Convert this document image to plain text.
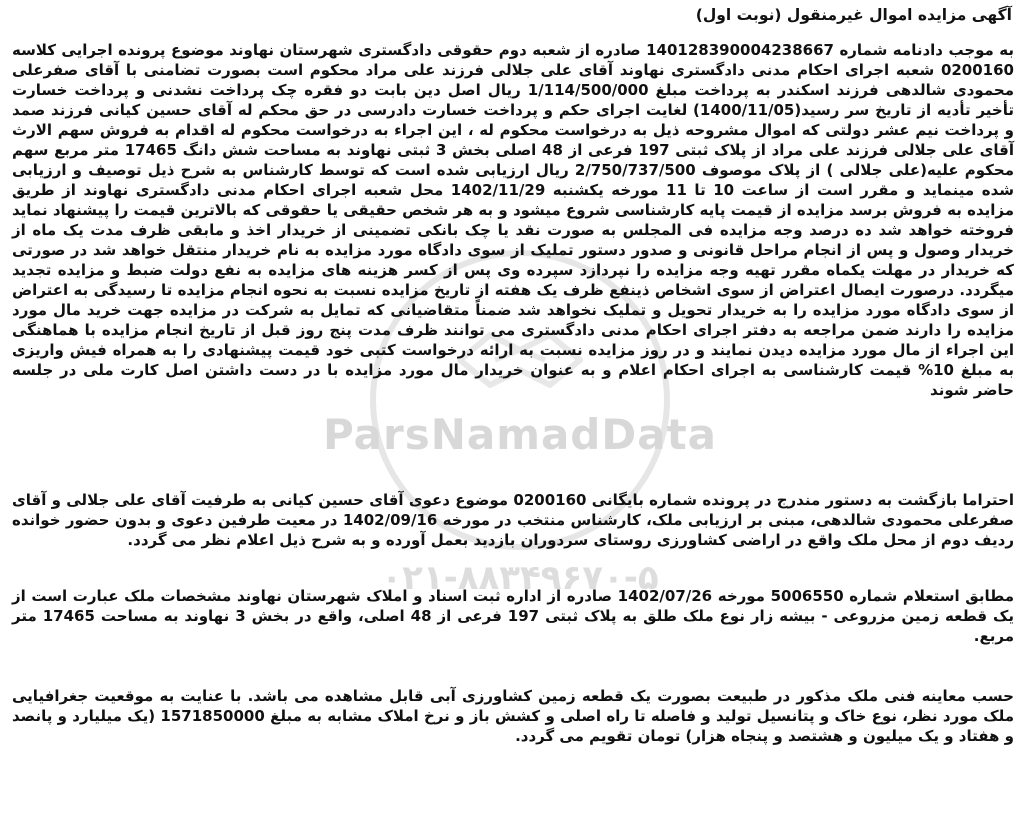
ParsNamadData
۰۲۱-۸۸۳۴۹۶۷۰-۵
آگهی مزایده اموال غیرمنقول (نوبت اول)

به موجب دادنامه شماره 140128390004238667 صادره از شعبه دوم حقوقی دادگستری شهرستان نهاوند موضوع پرونده اجرایی کلاسه 0200160 شعبه اجرای احکام مدنی دادگستری نهاوند آقای علی جلالی فرزند علی مراد محکوم است بصورت تضامنی با آقای صفرعلی محمودی شالدهی فرزند اسکندر به پرداخت مبلغ 1/114/500/000 ریال اصل دین بابت دو فقره چک پرداخت نشدنی و پرداخت خسارت تأخیر تأدیه از تاریخ سر رسید(1400/11/05) لغایت اجرای حکم و پرداخت خسارت دادرسی در حق محکم له آقای حسین کیانی فرزند صمد و پرداخت نیم عشر دولتی که اموال مشروحه ذیل به درخواست محکوم له ، این اجراء به درخواست محکوم له اقدام به فروش سهم الارث آقای علی جلالی فرزند علی مراد از پلاک ثبتی 197 فرعی از 48 اصلی بخش 3 ثبتی نهاوند به مساحت شش دانگ 17465 متر مربع سهم محکوم علیه(علی جلالی ) از پلاک موصوف 2/750/737/500 ریال ارزیابی شده است که توسط کارشناس به شرح ذیل توصیف و ارزیابی شده مینماید و مقرر است از ساعت 10 تا 11 مورخه یکشنبه 1402/11/29 محل شعبه اجرای احکام مدنی دادگستری نهاوند از طریق مزایده به فروش برسد مزایده از قیمت پایه کارشناسی شروع میشود و به هر شخص حقیقی یا حقوقی که بالاترین قیمت را پیشنهاد نماید فروخته خواهد شد ده درصد وجه مزایده فی المجلس به صورت نقد یا چک بانکی تضمینی از خریدار اخذ و مابقی ظرف مدت یک ماه از خریدار وصول و پس از انجام مراحل قانونی و صدور دستور تملیک از سوی دادگاه مورد مزایده به نام خریدار منتقل خواهد شد در صورتی که خریدار در مهلت یکماه مقرر تهیه وجه مزایده را نپردازد سپرده وی پس از کسر هزینه های مزایده به نفع دولت ضبط و مزایده تجدید میگردد. درصورت ایصال اعتراض از سوی اشخاص ذینفع ظرف یک هفته از تاریخ مزایده نسبت به نحوه انجام مزایده تا رسیدگی به اعتراض از سوی دادگاه مورد مزایده را به خریدار تحویل و تملیک نخواهد شد ضمناً متقاضیانی که تمایل به شرکت در مزایده جهت خرید مال مورد مزایده را دارند ضمن مراجعه به دفتر اجرای احکام مدنی دادگستری می توانند ظرف مدت پنج روز قبل از تاریخ انجام مزایده با هماهنگی این اجراء از مال مورد مزایده دیدن نمایند و در روز مزایده نسبت به ارائه درخواست کتبی خود قیمت پیشنهادی را به همراه فیش واریزی به مبلغ 10% قیمت کارشناسی به اجرای احکام اعلام و به عنوان خریدار مال مورد مزایده با در دست داشتن اصل کارت ملی در جلسه حاضر شوند

احتراما بازگشت به دستور مندرج در پرونده شماره بایگانی 0200160 موضوع دعوی آقای حسین کیانی به طرفیت آقای علی جلالی و آقای صفرعلی محمودی شالدهی، مبنی بر ارزیابی ملک، کارشناس منتخب در مورخه 1402/09/16 در معیت طرفین دعوی و بدون حضور خوانده ردیف دوم از محل ملک واقع در اراضی کشاورزی روستای سردوران بازدید بعمل آورده و به شرح ذیل اعلام نظر می گردد.

مطابق استعلام شماره 5006550 مورخه 1402/07/26 صادره از اداره ثبت اسناد و املاک شهرستان نهاوند مشخصات ملک عبارت است از یک قطعه زمین مزروعی - بیشه زار نوع ملک طلق به پلاک ثبتی 197 فرعی از 48 اصلی، واقع در بخش 3 نهاوند به مساحت 17465 متر مربع.

حسب معاینه فنی ملک مذکور در طبیعت بصورت یک قطعه زمین کشاورزی آبی قابل مشاهده می باشد. با عنایت به موقعیت جغرافیایی ملک مورد نظر، نوع خاک و پتانسیل تولید و فاصله تا راه اصلی و کشش باز و نرخ املاک مشابه به مبلغ 1571850000 (یک میلیارد و پانصد و هفتاد و یک میلیون و هشتصد و پنجاه هزار) تومان تقویم می گردد.
